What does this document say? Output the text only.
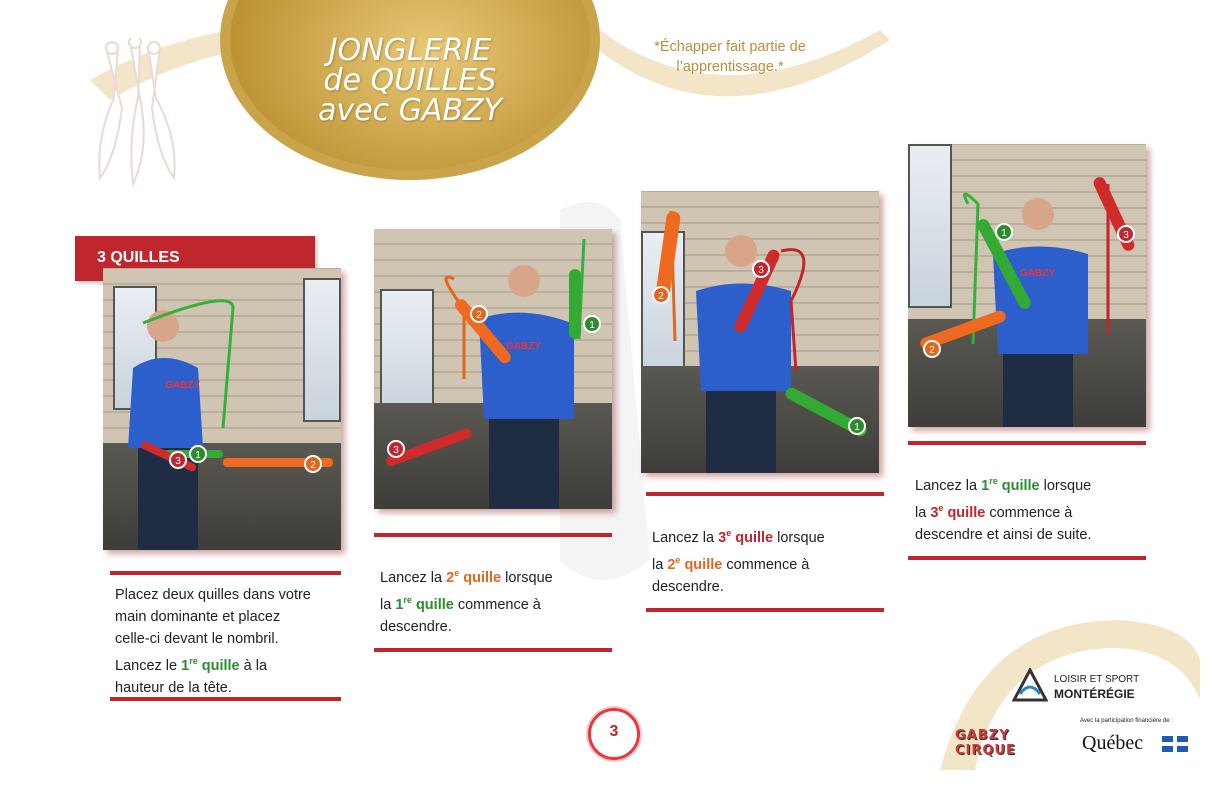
JONGLERIE
de QUILLES
avec GABZY
*Échapper fait partie de
l’apprentissage.*
3 QUILLES
1
3	2
GABZY
2
1
3
GABZY
2
3
1
1	3
2
GABZY
Placez deux quilles dans votre
main dominante et placez
celle-ci devant le nombril.
Lancez le 1re quille à la
hauteur de la tête.
Lancez la 2e quille lorsque
la 1re quille commence à
descendre.
Lancez la 3e quille lorsque
la 2e quille commence à
descendre.
Lancez la 1re quille lorsque
la 3e quille commence à
descendre et ainsi de suite.
3
LOISIR ET SPORT
MONTÉRÉGIE
Avec la participation financière de :
GABZY CIRQUE	Québec
